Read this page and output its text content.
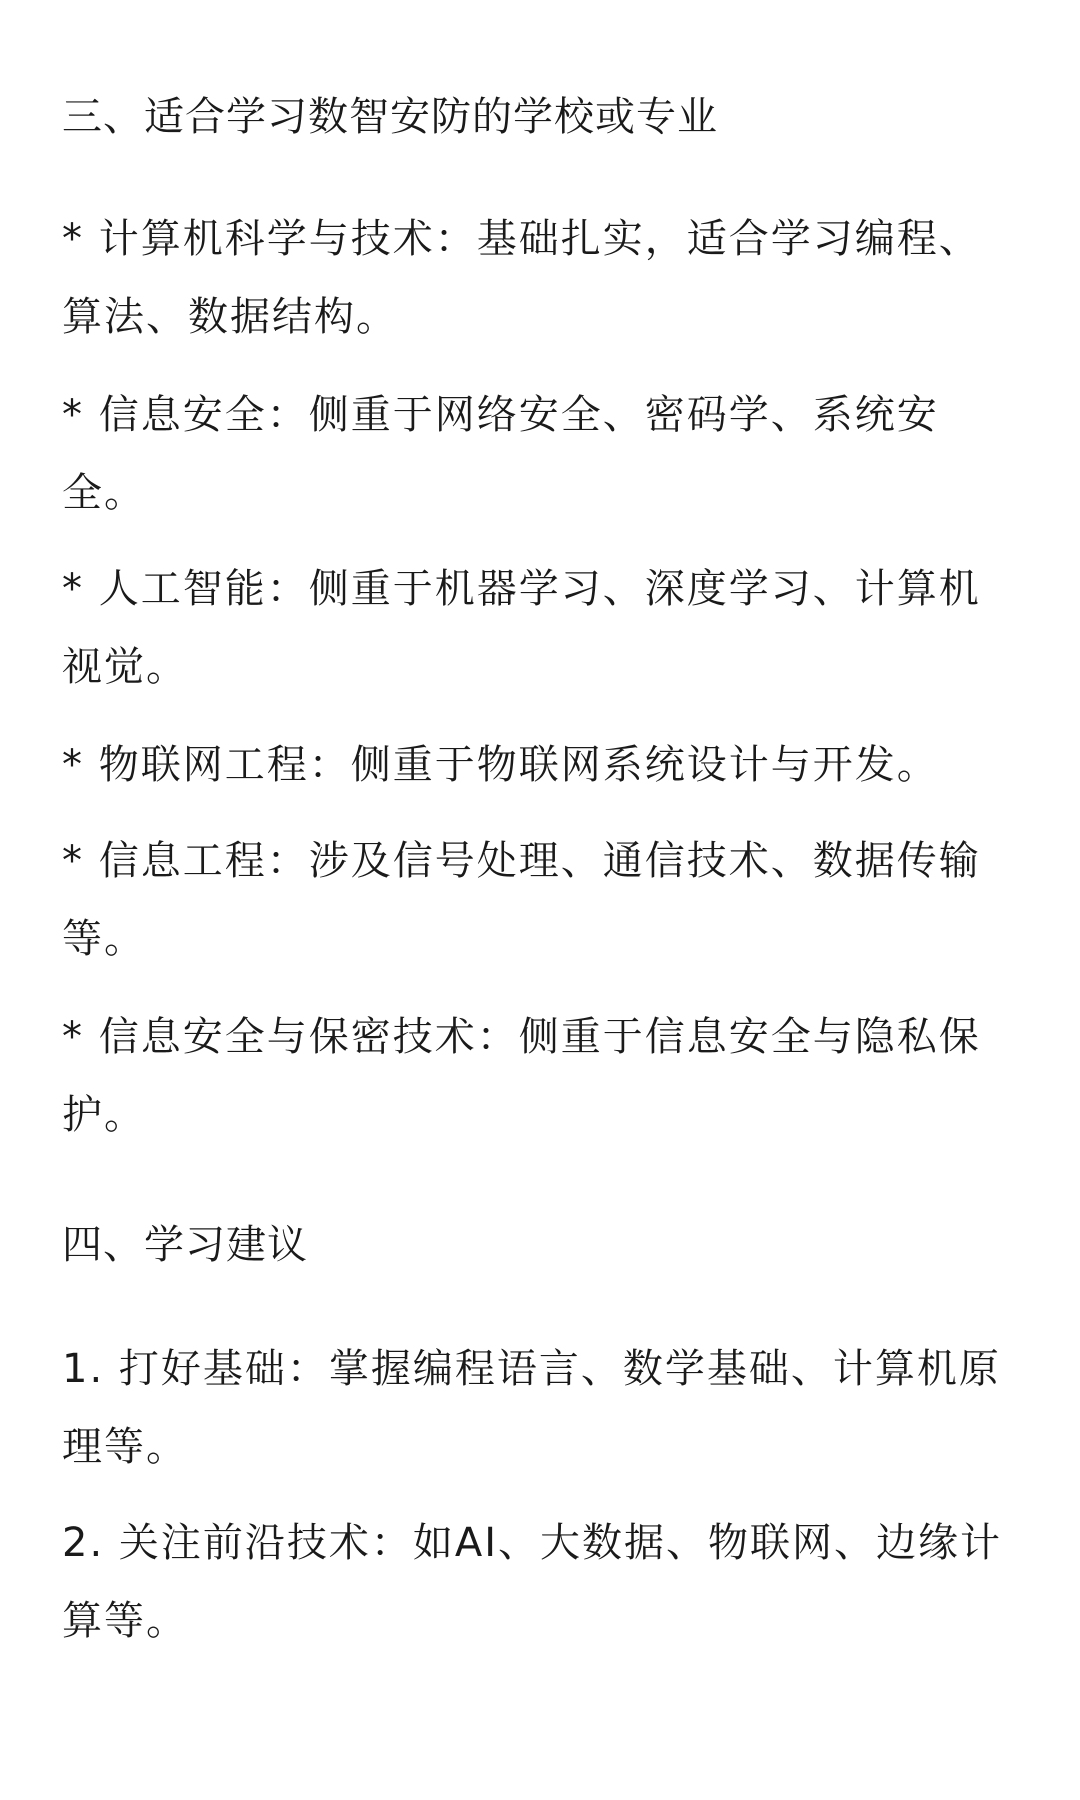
三、适合学习数智安防的学校或专业

* 计算机科学与技术：基础扎实，适合学习编程、算法、数据结构。

* 信息安全：侧重于网络安全、密码学、系统安全。

* 人工智能：侧重于机器学习、深度学习、计算机视觉。

* 物联网工程：侧重于物联网系统设计与开发。

* 信息工程：涉及信号处理、通信技术、数据传输等。

* 信息安全与保密技术：侧重于信息安全与隐私保护。

四、学习建议

1. 打好基础：掌握编程语言、数学基础、计算机原理等。

2. 关注前沿技术：如AI、大数据、物联网、边缘计算等。
